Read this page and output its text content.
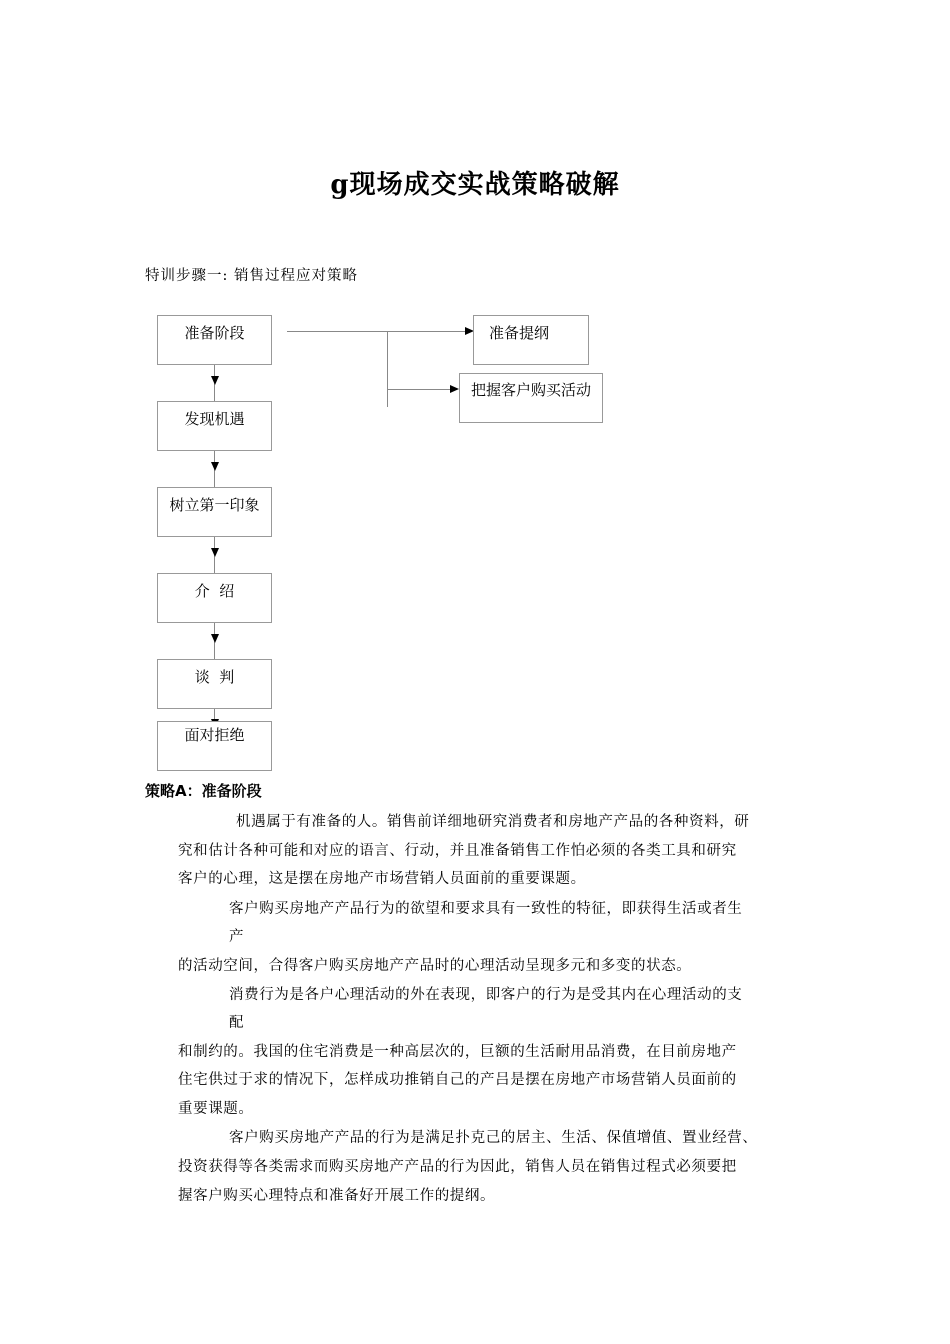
g现场成交实战策略破解
特训步骤一: 销售过程应对策略
准备阶段
发现机遇
树立第一印象
介  绍
谈  判
面对拒绝
准备提纲
把握客户购买活动
策略A：准备阶段
机遇属于有准备的人。销售前详细地研究消费者和房地产产品的各种资料，研
究和估计各种可能和对应的语言、行动，并且准备销售工作怕必须的各类工具和研究
客户的心理，这是摆在房地产市场营销人员面前的重要课题。
客户购买房地产产品行为的欲望和要求具有一致性的特征，即获得生活或者生
产
的活动空间，合得客户购买房地产产品时的心理活动呈现多元和多变的状态。
消费行为是各户心理活动的外在表现，即客户的行为是受其内在心理活动的支
配
和制约的。我国的住宅消费是一种高层次的，巨额的生活耐用品消费，在目前房地产
住宅供过于求的情况下，怎样成功推销自己的产吕是摆在房地产市场营销人员面前的
重要课题。
客户购买房地产产品的行为是满足扑克己的居主、生活、保值增值、置业经营、
投资获得等各类需求而购买房地产产品的行为因此，销售人员在销售过程式必须要把
握客户购买心理特点和准备好开展工作的提纲。
